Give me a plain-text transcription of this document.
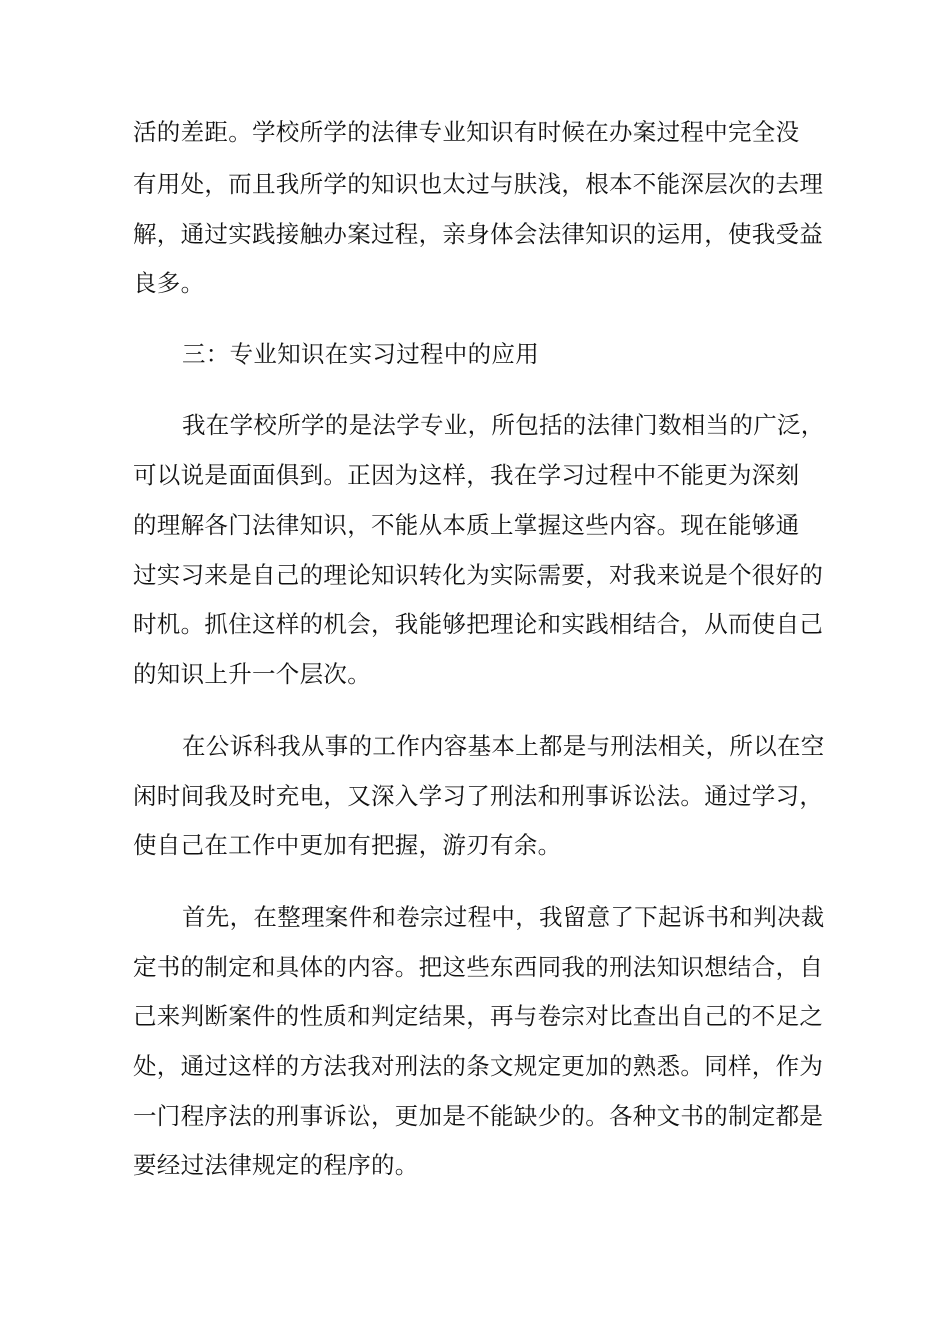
活的差距。学校所学的法律专业知识有时候在办案过程中完全没
有用处，而且我所学的知识也太过与肤浅，根本不能深层次的去理
解，通过实践接触办案过程，亲身体会法律知识的运用，使我受益
良多。
三：专业知识在实习过程中的应用
我在学校所学的是法学专业，所包括的法律门数相当的广泛，
可以说是面面俱到。正因为这样，我在学习过程中不能更为深刻
的理解各门法律知识，不能从本质上掌握这些内容。现在能够通
过实习来是自己的理论知识转化为实际需要，对我来说是个很好的
时机。抓住这样的机会，我能够把理论和实践相结合，从而使自己
的知识上升一个层次。
在公诉科我从事的工作内容基本上都是与刑法相关，所以在空
闲时间我及时充电，又深入学习了刑法和刑事诉讼法。通过学习，
使自己在工作中更加有把握，游刃有余。
首先，在整理案件和卷宗过程中，我留意了下起诉书和判决裁
定书的制定和具体的内容。把这些东西同我的刑法知识想结合，自
己来判断案件的性质和判定结果，再与卷宗对比查出自己的不足之
处，通过这样的方法我对刑法的条文规定更加的熟悉。同样，作为
一门程序法的刑事诉讼，更加是不能缺少的。各种文书的制定都是
要经过法律规定的程序的。
